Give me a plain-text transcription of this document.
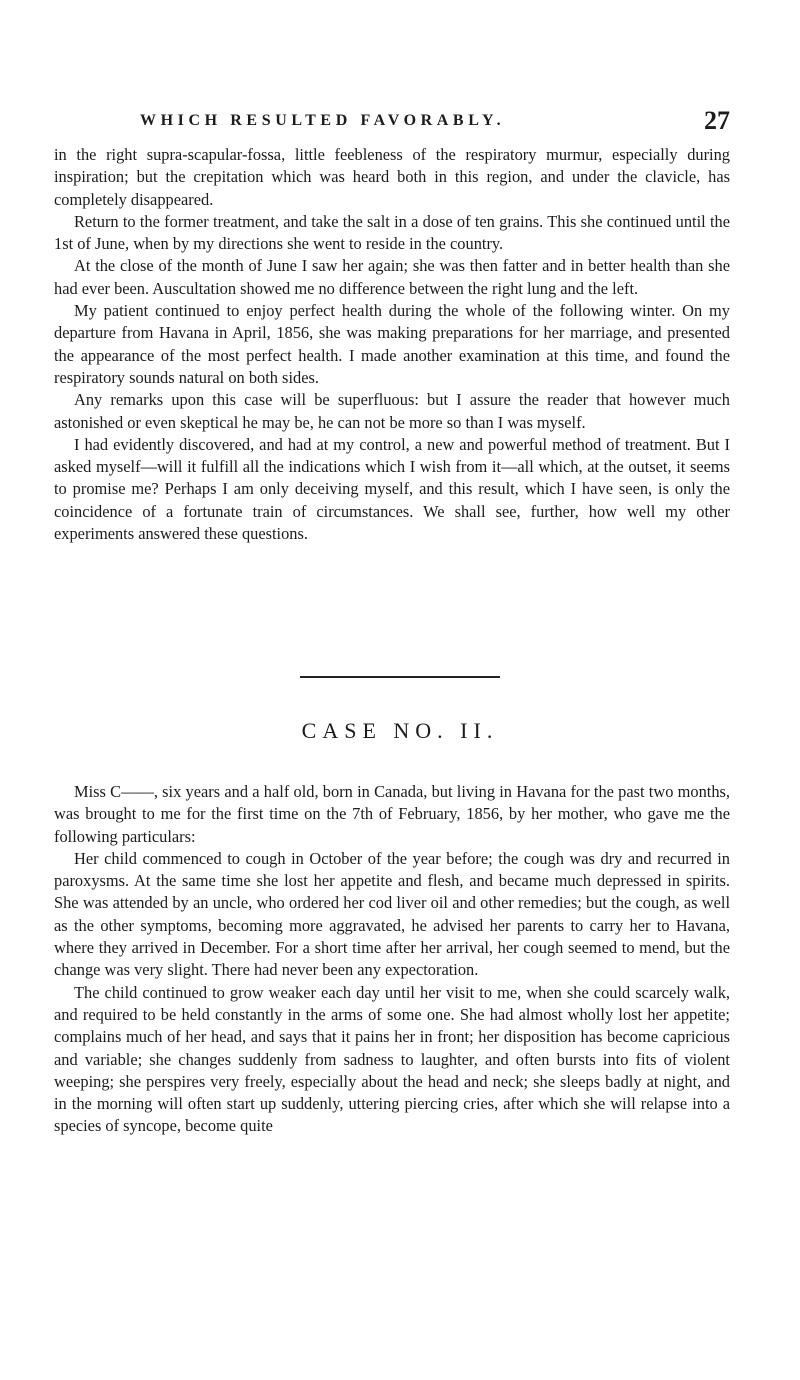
WHICH RESULTED FAVORABLY.	27

in the right supra-scapular-fossa, little feebleness of the respiratory murmur, especially during inspiration; but the crepitation which was heard both in this region, and under the clavicle, has completely disappeared.

Return to the former treatment, and take the salt in a dose of ten grains. This she continued until the 1st of June, when by my directions she went to reside in the country.

At the close of the month of June I saw her again; she was then fatter and in better health than she had ever been. Auscultation showed me no difference between the right lung and the left.

My patient continued to enjoy perfect health during the whole of the following winter. On my departure from Havana in April, 1856, she was making preparations for her marriage, and presented the appearance of the most perfect health. I made another examination at this time, and found the respiratory sounds natural on both sides.

Any remarks upon this case will be superfluous: but I assure the reader that however much astonished or even skeptical he may be, he can not be more so than I was myself.

I had evidently discovered, and had at my control, a new and powerful method of treatment. But I asked myself—will it fulfill all the indications which I wish from it—all which, at the outset, it seems to promise me? Perhaps I am only deceiving myself, and this result, which I have seen, is only the coincidence of a fortunate train of circumstances. We shall see, further, how well my other experiments answered these questions.

CASE NO. II.

Miss C——, six years and a half old, born in Canada, but living in Havana for the past two months, was brought to me for the first time on the 7th of February, 1856, by her mother, who gave me the following particulars:

Her child commenced to cough in October of the year before; the cough was dry and recurred in paroxysms. At the same time she lost her appetite and flesh, and became much depressed in spirits. She was attended by an uncle, who ordered her cod liver oil and other remedies; but the cough, as well as the other symptoms, becoming more aggravated, he advised her parents to carry her to Havana, where they arrived in December. For a short time after her arrival, her cough seemed to mend, but the change was very slight. There had never been any expectoration.

The child continued to grow weaker each day until her visit to me, when she could scarcely walk, and required to be held constantly in the arms of some one. She had almost wholly lost her appetite; complains much of her head, and says that it pains her in front; her disposition has become capricious and variable; she changes suddenly from sadness to laughter, and often bursts into fits of violent weeping; she perspires very freely, especially about the head and neck; she sleeps badly at night, and in the morning will often start up suddenly, uttering piercing cries, after which she will relapse into a species of syncope, become quite
